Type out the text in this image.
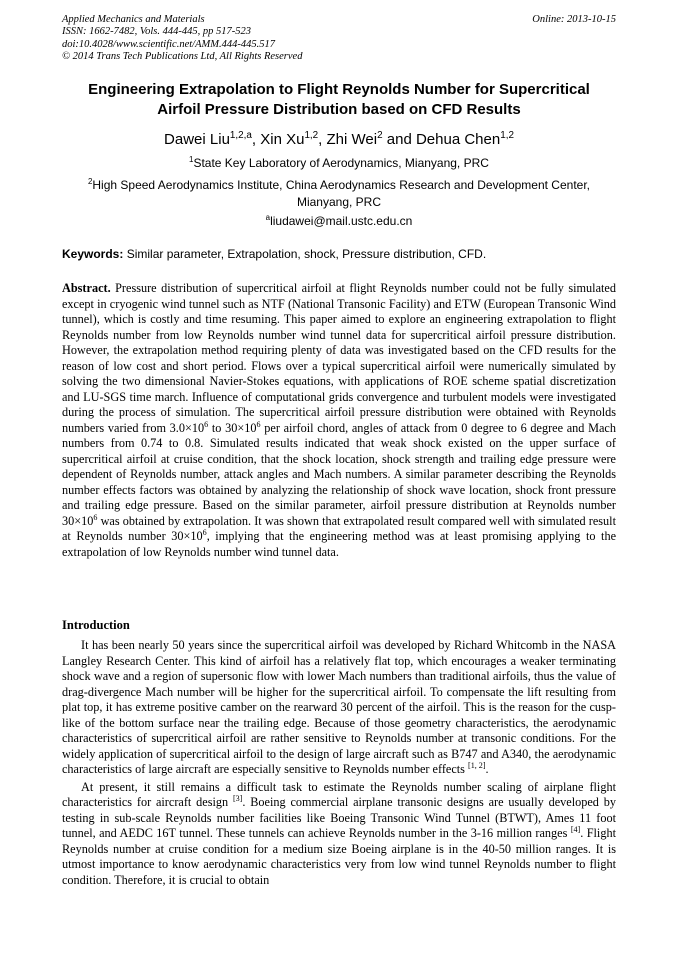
Applied Mechanics and Materials
ISSN: 1662-7482, Vols. 444-445, pp 517-523
doi:10.4028/www.scientific.net/AMM.444-445.517
© 2014 Trans Tech Publications Ltd, All Rights Reserved
Online: 2013-10-15
Engineering Extrapolation to Flight Reynolds Number for Supercritical
Airfoil Pressure Distribution based on CFD Results
Dawei Liu$^{1,2,a}$, Xin Xu$^{1,2}$, Zhi Wei$^2$ and Dehua Chen$^{1,2}$
$^1$State Key Laboratory of Aerodynamics, Mianyang, PRC
$^2$High Speed Aerodynamics Institute, China Aerodynamics Research and Development Center,
Mianyang, PRC
$^a$liudawei@mail.ustc.edu.cn
Keywords: Similar parameter, Extrapolation, shock, Pressure distribution, CFD.
Abstract. Pressure distribution of supercritical airfoil at flight Reynolds number could not be fully simulated except in cryogenic wind tunnel such as NTF (National Transonic Facility) and ETW (European Transonic Wind tunnel), which is costly and time resuming. This paper aimed to explore an engineering extrapolation to flight Reynolds number from low Reynolds number wind tunnel data for supercritical airfoil pressure distribution. However, the extrapolation method requiring plenty of data was investigated based on the CFD results for the reason of low cost and short period. Flows over a typical supercritical airfoil were numerically simulated by solving the two dimensional Navier-Stokes equations, with applications of ROE scheme spatial discretization and LU-SGS time march. Influence of computational grids convergence and turbulent models were investigated during the process of simulation. The supercritical airfoil pressure distribution were obtained with Reynolds numbers varied from $3.0\times 10^6$ to $30\times 10^6$ per airfoil chord, angles of attack from 0 degree to 6 degree and Mach numbers from 0.74 to 0.8. Simulated results indicated that weak shock existed on the upper surface of supercritical airfoil at cruise condition, that the shock location, shock strength and trailing edge pressure were dependent of Reynolds number, attack angles and Mach numbers. A similar parameter describing the Reynolds number effects factors was obtained by analyzing the relationship of shock wave location, shock front pressure and trailing edge pressure. Based on the similar parameter, airfoil pressure distribution at Reynolds number $30\times 10^6$ was obtained by extrapolation. It was shown that extrapolated result compared well with simulated result at Reynolds number $30\times 10^6$, implying that the engineering method was at least promising applying to the extrapolation of low Reynolds number wind tunnel data.
Introduction

It has been nearly 50 years since the supercritical airfoil was developed by Richard Whitcomb in the NASA Langley Research Center. This kind of airfoil has a relatively flat top, which encourages a weaker terminating shock wave and a region of supersonic flow with lower Mach numbers than traditional airfoils, thus the value of drag-divergence Mach number will be higher for the supercritical airfoil. To compensate the lift resulting from plat top, it has extreme positive camber on the rearward 30 percent of the airfoil. This is the reason for the cusp-like of the bottom surface near the trailing edge. Because of those geometry characteristics, the aerodynamic characteristics of supercritical airfoil are rather sensitive to Reynolds number at transonic conditions. For the widely application of supercritical airfoil to the design of large aircraft such as B747 and A340, the aerodynamic characteristics of large aircraft are especially sensitive to Reynolds number effects [1, 2].

At present, it still remains a difficult task to estimate the Reynolds number scaling of airplane flight characteristics for aircraft design [3]. Boeing commercial airplane transonic designs are usually developed by testing in sub-scale Reynolds number facilities like Boeing Transonic Wind Tunnel (BTWT), Ames 11 foot tunnel, and AEDC 16T tunnel. These tunnels can achieve Reynolds number in the 3-16 million ranges [4]. Flight Reynolds number at cruise condition for a medium size Boeing airplane is in the 40-50 million ranges. It is utmost importance to know aerodynamic characteristics very from low wind tunnel Reynolds number to flight condition. Therefore, it is crucial to obtain
